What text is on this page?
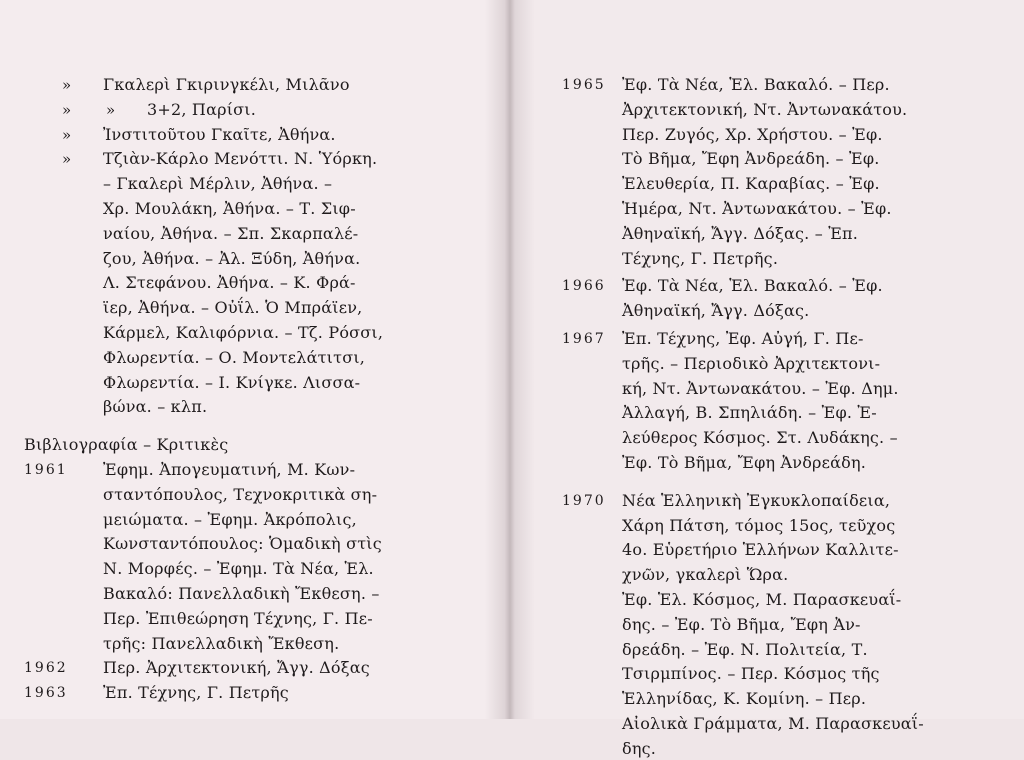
» Γκαλερὶ Γκιρινγκέλι, Μιλᾶνο
» » 3+2, Παρίσι.
» Ἰνστιτοῦτου Γκαῖτε, Ἀθήνα.
» Τζιὰν-Κάρλο Μενόττι. Ν. Ὑόρκη.
– Γκαλερὶ Μέρλιν, Ἀθήνα. –
Χρ. Μουλάκη, Ἀθήνα. – Τ. Σιφ-
ναίου, Ἀθήνα. – Σπ. Σκαρπαλέ-
ζου, Ἀθήνα. – Ἀλ. Ξύδη, Ἀθήνα.
Λ. Στεφάνου. Ἀθήνα. – Κ. Φρά-
ϊερ, Ἀθήνα. – Οὐΐλ. Ὁ Μπράϊεν,
Κάρμελ, Καλιφόρνια. – Τζ. Ρόσσι,
Φλωρεντία. – Ο. Μοντελάτιτσι,
Φλωρεντία. – Ι. Κνίγκε. Λισσα-
βώνα. – κλπ.
Βιβλιογραφία – Κριτικὲς
1961 Ἐφημ. Ἀπογευματινή, Μ. Κων-
σταντόπουλος, Τεχνοκριτικὰ ση-
μειώματα. – Ἐφημ. Ἀκρόπολις,
Κωνσταντόπουλος: Ὁμαδικὴ στὶς
Ν. Μορφές. – Ἐφημ. Τὰ Νέα, Ἑλ.
Βακαλό: Πανελλαδικὴ Ἔκθεση. –
Περ. Ἐπιθεώρηση Τέχνης, Γ. Πε-
τρῆς: Πανελλαδικὴ Ἔκθεση.
1962 Περ. Ἀρχιτεκτονική, Ἄγγ. Δόξας
1963 Ἐπ. Τέχνης, Γ. Πετρῆς
1965 Ἐφ. Τὰ Νέα, Ἑλ. Βακαλό. – Περ.
Ἀρχιτεκτονική, Ντ. Ἀντωνακάτου.
Περ. Ζυγός, Χρ. Χρήστου. – Ἐφ.
Τὸ Βῆμα, Ἔφη Ἀνδρεάδη. – Ἐφ.
Ἐλευθερία, Π. Καραβίας. – Ἐφ.
Ἡμέρα, Ντ. Ἀντωνακάτου. – Ἐφ.
Ἀθηναϊκή, Ἄγγ. Δόξας. – Ἐπ.
Τέχνης, Γ. Πετρῆς.
1966 Ἐφ. Τὰ Νέα, Ἑλ. Βακαλό. – Ἐφ.
Ἀθηναϊκή, Ἄγγ. Δόξας.
1967 Ἐπ. Τέχνης, Ἐφ. Αὐγή, Γ. Πε-
τρῆς. – Περιοδικὸ Ἀρχιτεκτονι-
κή, Ντ. Ἀντωνακάτου. – Ἐφ. Δημ.
Ἀλλαγή, Β. Σπηλιάδη. – Ἐφ. Ἐ-
λεύθερος Κόσμος. Στ. Λυδάκης. –
Ἐφ. Τὸ Βῆμα, Ἔφη Ἀνδρεάδη.
1970 Νέα Ἑλληνικὴ Ἐγκυκλοπαίδεια,
Χάρη Πάτση, τόμος 15ος, τεῦχος
4ο. Εὑρετήριο Ἑλλήνων Καλλιτε-
χνῶν, γκαλερὶ Ὥρα.
Ἐφ. Ἑλ. Κόσμος, Μ. Παρασκευαΐ-
δης. – Ἐφ. Τὸ Βῆμα, Ἔφη Ἀν-
δρεάδη. – Ἐφ. Ν. Πολιτεία, Τ.
Τσιρμπίνος. – Περ. Κόσμος τῆς
Ἑλληνίδας, Κ. Κομίνη. – Περ.
Αἰολικὰ Γράμματα, Μ. Παρασκευαΐ-
δης.
